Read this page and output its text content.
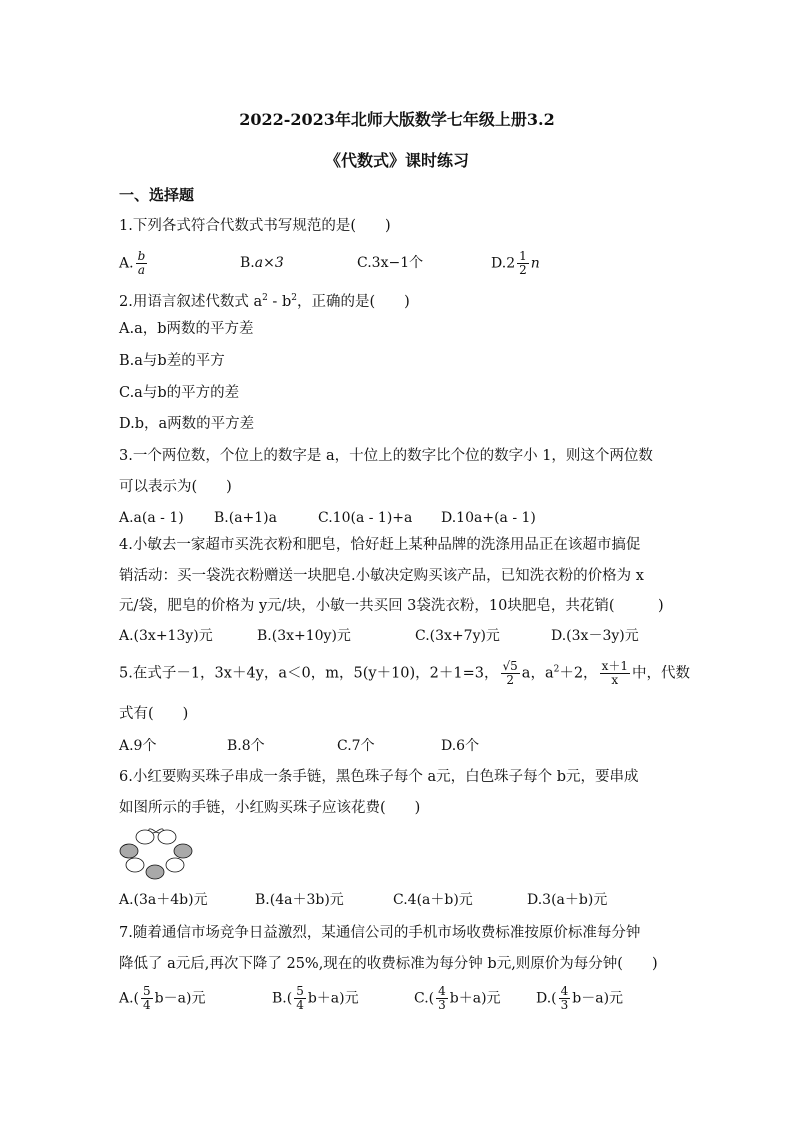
2022-2023年北师大版数学七年级上册3.2
《代数式》课时练习
一、选择题
1.下列各式符合代数式书写规范的是(　　)
A. $\frac{b}{a}$	B.a×3	C.3x−1个	$D.2 \frac{1}{2}$ n
2.用语言叙述代数式 $a^2 - b^2$，正确的是(　　)
A.a，b两数的平方差
B.a与b差的平方
C.a与b的平方的差
D.b，a两数的平方差
3.一个两位数，个位上的数字是 a，十位上的数字比个位的数字小 1，则这个两位数
可以表示为(　　)
A.a(a - 1) B.(a+1)a	C.10(a - 1)+a D.10a+(a - 1)
4.小敏去一家超市买洗衣粉和肥皂，恰好赶上某种品牌的洗涤用品正在该超市搞促
销活动：买一袋洗衣粉赠送一块肥皂.小敏决定购买该产品，已知洗衣粉的价格为 x
元/袋，肥皂的价格为 y元/块，小敏一共买回 3袋洗衣粉，10块肥皂，共花销(　　　)
A.(3x+13y)元	B.(3x+10y)元	C.(3x+7y)元	D.(3x－3y)元
5.在式子－1，3x＋4y，a＜0，m，5(y＋10)，2＋1=3， $\frac{√5}{2}$ a，$a^2+2$， $\frac{x+1}{x}$ 中，代数
式有(　　)
A.9个	B.8个	C.7个	D.6个
6.小红要购买珠子串成一条手链，黑色珠子每个 a元，白色珠子每个 b元，要串成
如图所示的手链，小红购买珠子应该花费(　　)
A.(3a＋4b)元	B.(4a＋3b)元	C.4(a＋b)元	D.3(a＋b)元
7.随着通信市场竞争日益激烈，某通信公司的手机市场收费标准按原价标准每分钟
降低了 a元后,再次下降了 25%,现在的收费标准为每分钟 b元,则原价为每分钟(　　)
$A.( \frac{5}{4} b-a)$元	$B.( \frac{5}{4} b+a)$元	$C.( \frac{4}{3} b+a)$元	$D.( \frac{4}{3} b-a)$元
